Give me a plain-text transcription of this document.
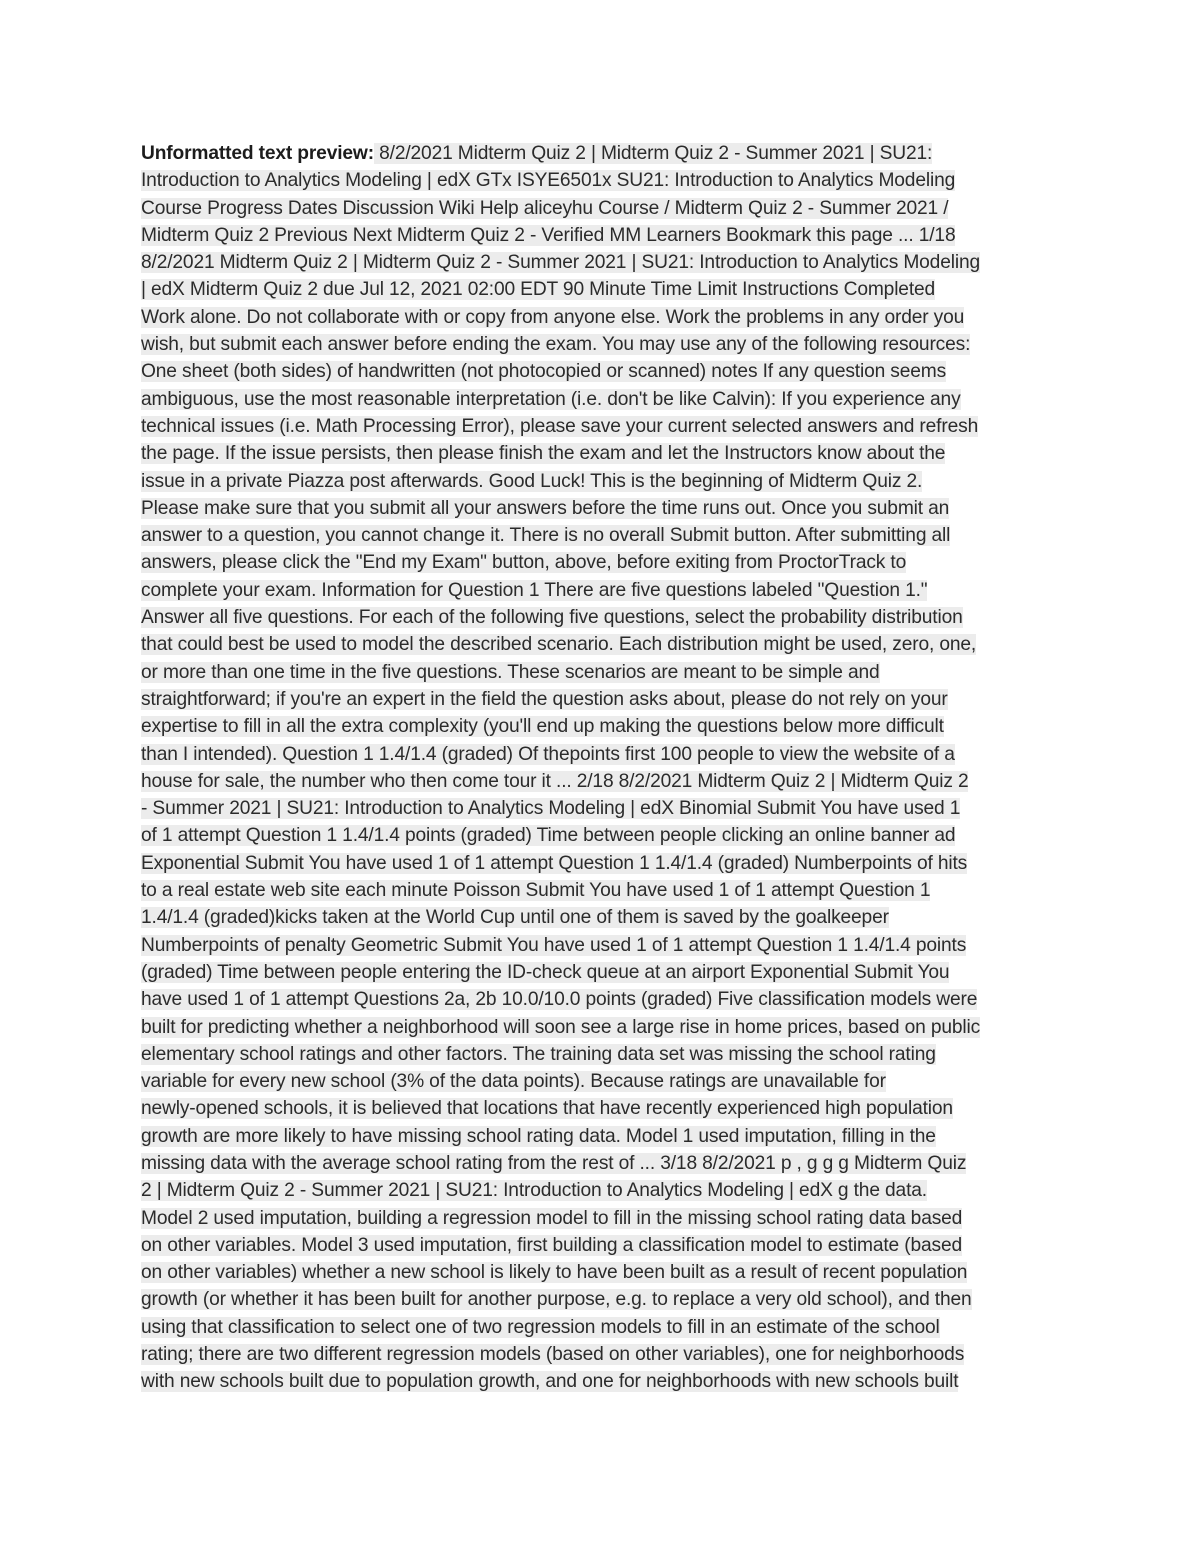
Unformatted text preview: 8/2/2021 Midterm Quiz 2 | Midterm Quiz 2 - Summer 2021 | SU21:
Introduction to Analytics Modeling | edX GTx ISYE6501x SU21: Introduction to Analytics Modeling
Course Progress Dates Discussion Wiki Help aliceyhu Course / Midterm Quiz 2 - Summer 2021 /
Midterm Quiz 2 Previous Next Midterm Quiz 2 - Verified MM Learners Bookmark this page ... 1/18
8/2/2021 Midterm Quiz 2 | Midterm Quiz 2 - Summer 2021 | SU21: Introduction to Analytics Modeling
| edX Midterm Quiz 2 due Jul 12, 2021 02:00 EDT 90 Minute Time Limit Instructions Completed
Work alone. Do not collaborate with or copy from anyone else. Work the problems in any order you
wish, but submit each answer before ending the exam. You may use any of the following resources:
One sheet (both sides) of handwritten (not photocopied or scanned) notes If any question seems
ambiguous, use the most reasonable interpretation (i.e. don't be like Calvin): If you experience any
technical issues (i.e. Math Processing Error), please save your current selected answers and refresh
the page. If the issue persists, then please finish the exam and let the Instructors know about the
issue in a private Piazza post afterwards. Good Luck! This is the beginning of Midterm Quiz 2.
Please make sure that you submit all your answers before the time runs out. Once you submit an
answer to a question, you cannot change it. There is no overall Submit button. After submitting all
answers, please click the "End my Exam" button, above, before exiting from ProctorTrack to
complete your exam. Information for Question 1 There are five questions labeled "Question 1."
Answer all five questions. For each of the following five questions, select the probability distribution
that could best be used to model the described scenario. Each distribution might be used, zero, one,
or more than one time in the five questions. These scenarios are meant to be simple and
straightforward; if you're an expert in the field the question asks about, please do not rely on your
expertise to fill in all the extra complexity (you'll end up making the questions below more difficult
than I intended). Question 1 1.4/1.4 (graded) Of thepoints first 100 people to view the website of a
house for sale, the number who then come tour it ... 2/18 8/2/2021 Midterm Quiz 2 | Midterm Quiz 2
- Summer 2021 | SU21: Introduction to Analytics Modeling | edX Binomial Submit You have used 1
of 1 attempt Question 1 1.4/1.4 points (graded) Time between people clicking an online banner ad
Exponential Submit You have used 1 of 1 attempt Question 1 1.4/1.4 (graded) Numberpoints of hits
to a real estate web site each minute Poisson Submit You have used 1 of 1 attempt Question 1
1.4/1.4 (graded)kicks taken at the World Cup until one of them is saved by the goalkeeper
Numberpoints of penalty Geometric Submit You have used 1 of 1 attempt Question 1 1.4/1.4 points
(graded) Time between people entering the ID-check queue at an airport Exponential Submit You
have used 1 of 1 attempt Questions 2a, 2b 10.0/10.0 points (graded) Five classification models were
built for predicting whether a neighborhood will soon see a large rise in home prices, based on public
elementary school ratings and other factors. The training data set was missing the school rating
variable for every new school (3% of the data points). Because ratings are unavailable for
newly-opened schools, it is believed that locations that have recently experienced high population
growth are more likely to have missing school rating data. Model 1 used imputation, filling in the
missing data with the average school rating from the rest of ... 3/18 8/2/2021 p , g g g Midterm Quiz
2 | Midterm Quiz 2 - Summer 2021 | SU21: Introduction to Analytics Modeling | edX g the data.
Model 2 used imputation, building a regression model to fill in the missing school rating data based
on other variables. Model 3 used imputation, first building a classification model to estimate (based
on other variables) whether a new school is likely to have been built as a result of recent population
growth (or whether it has been built for another purpose, e.g. to replace a very old school), and then
using that classification to select one of two regression models to fill in an estimate of the school
rating; there are two different regression models (based on other variables), one for neighborhoods
with new schools built due to population growth, and one for neighborhoods with new schools built
